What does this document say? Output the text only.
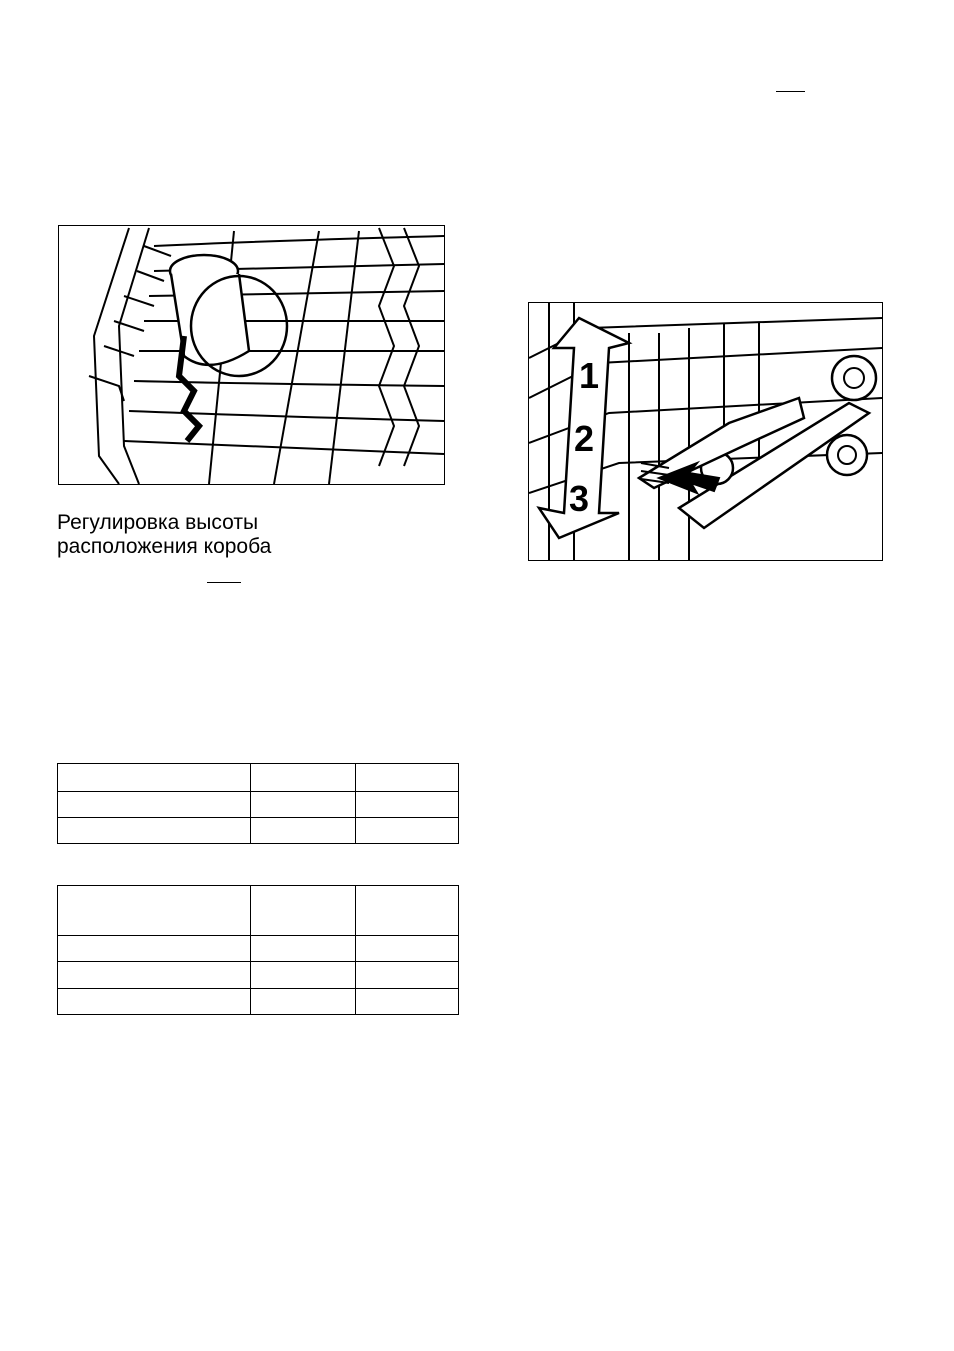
Регулировка высоты
расположения короба
1
2
3
